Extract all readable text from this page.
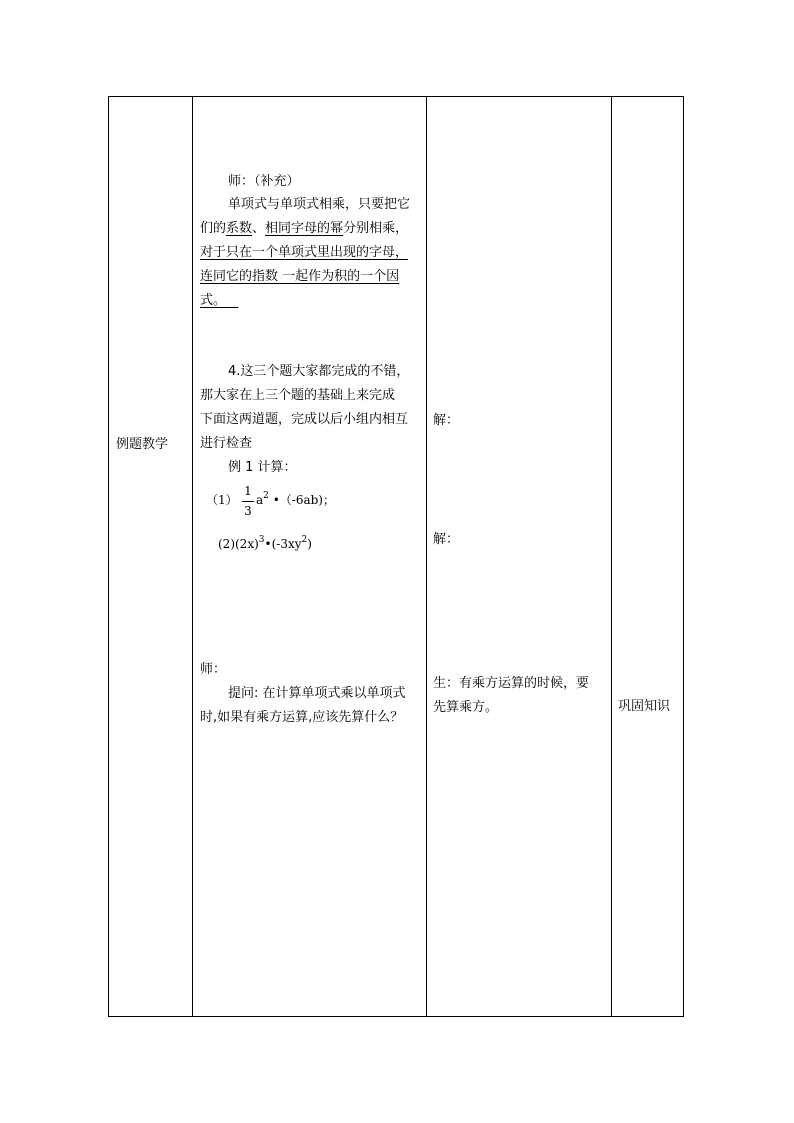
例题教学
师：（补充）
单项式与单项式相乘，只要把它
们的系数、相同字母的幂分别相乘，
对于只在一个单项式里出现的字母，
连同它的指数 一起作为积的一个因
式。
4.这三个题大家都完成的不错，
那大家在上三个题的基础上来完成
下面这两道题，完成以后小组内相互
进行检查
例 1 计算：
（1）
1
3
$a^2$ •（-6ab)；
$(2)(2x)^3•(-3xy^2)$
师：
提问: 在计算单项式乘以单项式
时,如果有乘方运算,应该先算什么？
解：
解：
生：有乘方运算的时候，要
先算乘方。	巩固知识
